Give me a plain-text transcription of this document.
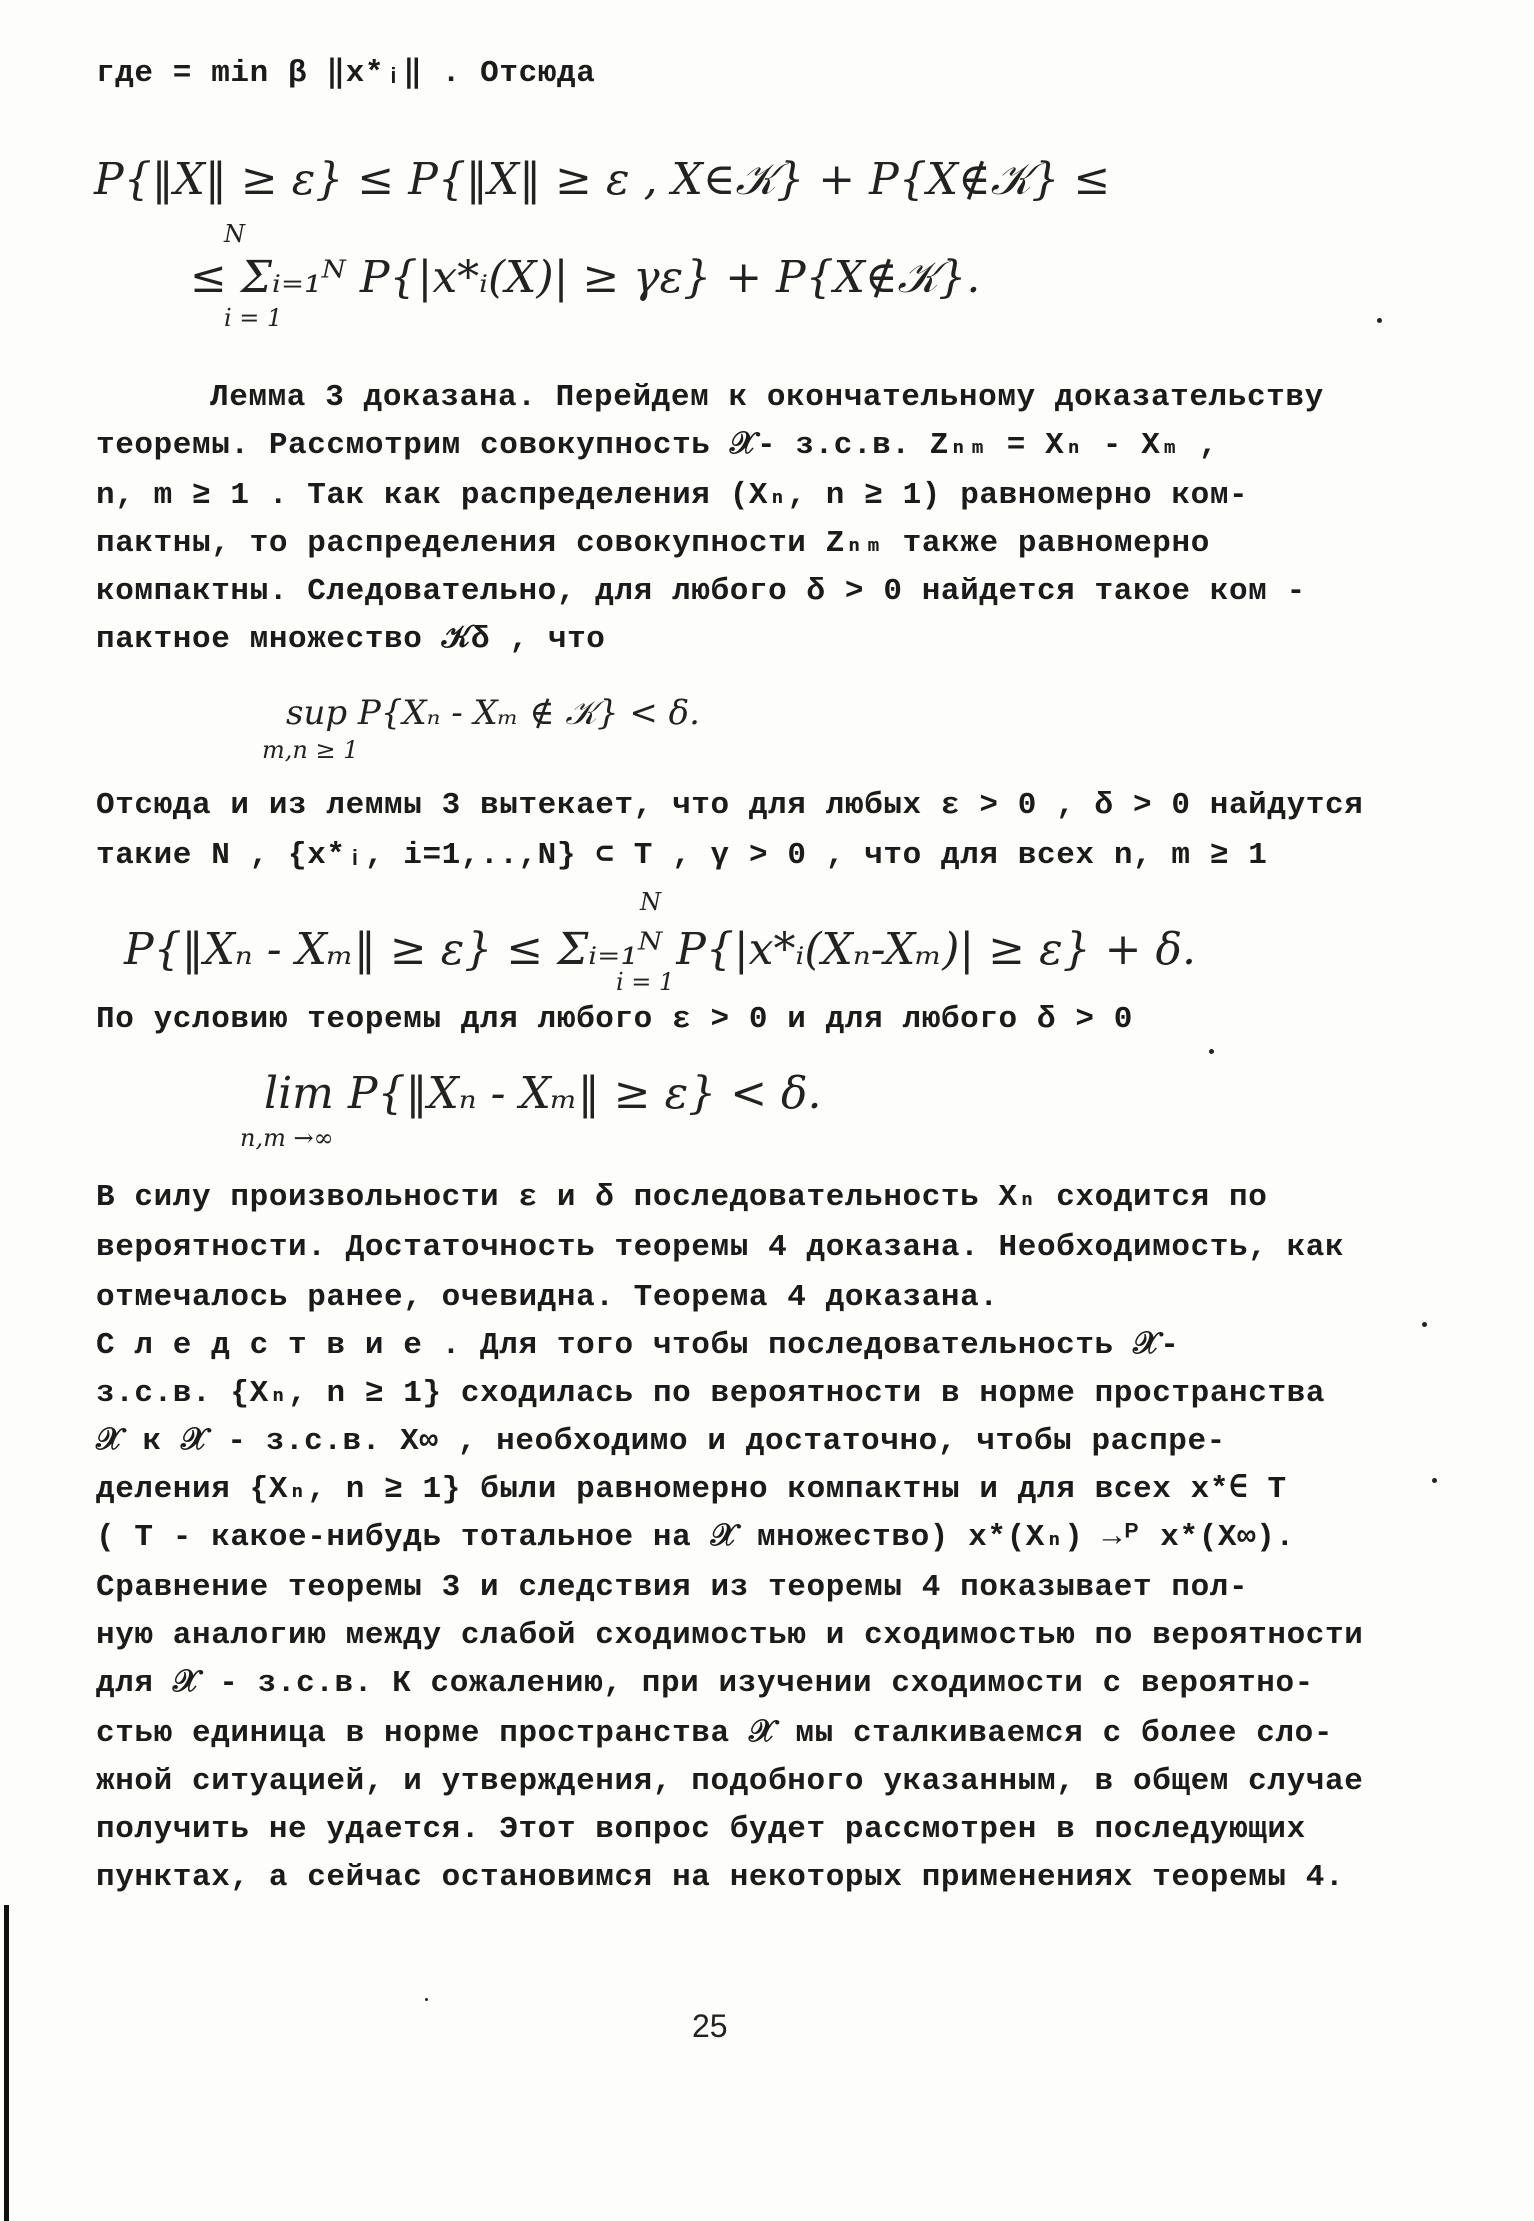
где = min β ‖x*ᵢ‖ . Отсюда
P{‖X‖ ≥ ε} ≤ P{‖X‖ ≥ ε , X∈𝒦} + P{X∉𝒦} ≤
≤ Σᵢ₌₁ᴺ P{|x*ᵢ(X)| ≥ γε} + P{X∉𝒦}.
N
i = 1
Лемма 3 доказана. Перейдем к окончательному доказательству
теоремы. Рассмотрим совокупность 𝒳- з.с.в. Zₙₘ = Xₙ - Xₘ ,
n, m ≥ 1 . Так как распределения (Xₙ, n ≥ 1) равномерно ком-
пактны, то распределения совокупности Zₙₘ также равномерно
компактны. Следовательно, для любого δ > 0 найдется такое ком -
пактное множество 𝒦δ , что
sup P{Xₙ - Xₘ ∉ 𝒦} < δ.
m,n ≥ 1
Отсюда и из леммы 3 вытекает, что для любых ε > 0 , δ > 0 найдутся
такие N , {x*ᵢ, i=1,..,N} ⊂ T , γ > 0 , что для всех n, m ≥ 1
P{‖Xₙ - Xₘ‖ ≥ ε} ≤ Σᵢ₌₁ᴺ P{|x*ᵢ(Xₙ-Xₘ)| ≥ ε} + δ.
N
i = 1
По условию теоремы для любого ε > 0 и для любого δ > 0
lim P{‖Xₙ - Xₘ‖ ≥ ε} < δ.
n,m →∞
В силу произвольности ε и δ последовательность Xₙ сходится по
вероятности. Достаточность теоремы 4 доказана. Необходимость, как
отмечалось ранее, очевидна. Теорема 4 доказана.
С л е д с т в и е . Для того чтобы последовательность 𝒳-
з.с.в. {Xₙ, n ≥ 1} сходилась по вероятности в норме пространства
𝒳 к 𝒳 - з.с.в. X∞ , необходимо и достаточно, чтобы распре-
деления {Xₙ, n ≥ 1} были равномерно компактны и для всех x*∈ T
( T - какое-нибудь тотальное на 𝒳 множество) x*(Xₙ) →ᴾ x*(X∞).
Сравнение теоремы 3 и следствия из теоремы 4 показывает пол-
ную аналогию между слабой сходимостью и сходимостью по вероятности
для 𝒳 - з.с.в. К сожалению, при изучении сходимости с вероятно-
стью единица в норме пространства 𝒳 мы сталкиваемся с более сло-
жной ситуацией, и утверждения, подобного указанным, в общем случае
получить не удается. Этот вопрос будет рассмотрен в последующих
пунктах, а сейчас остановимся на некоторых применениях теоремы 4.
25
